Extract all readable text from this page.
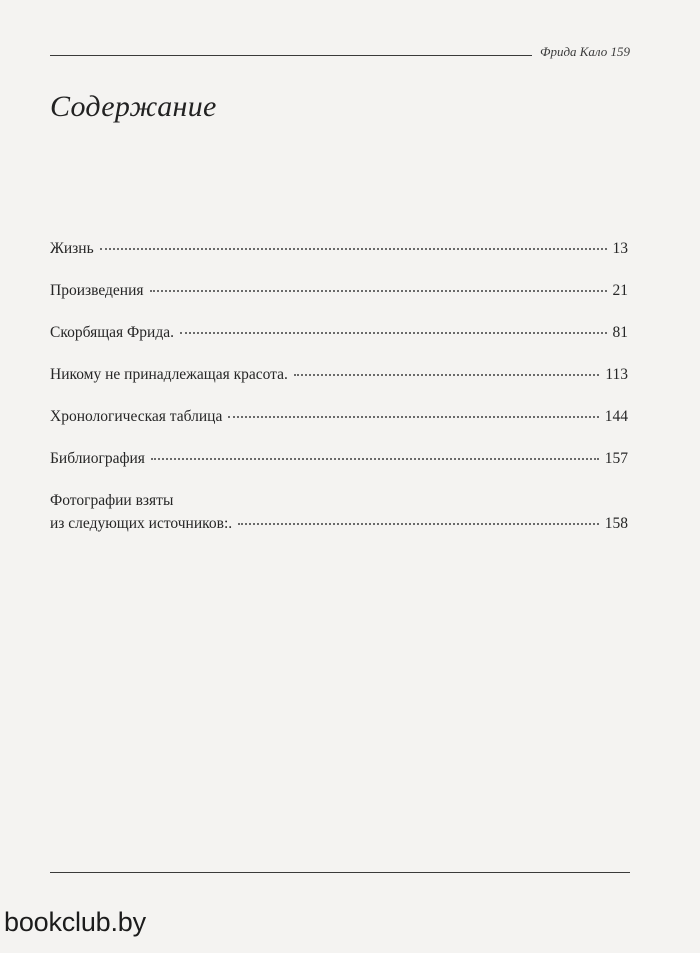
Фрида Кало 159
Содержание
Жизнь	13
Произведения	21
Скорбящая Фрида.	81
Никому не принадлежащая красота.	113
Хронологическая таблица	144
Библиография	157
Фотографии взяты
из следующих источников:.	158
bookclub.by
